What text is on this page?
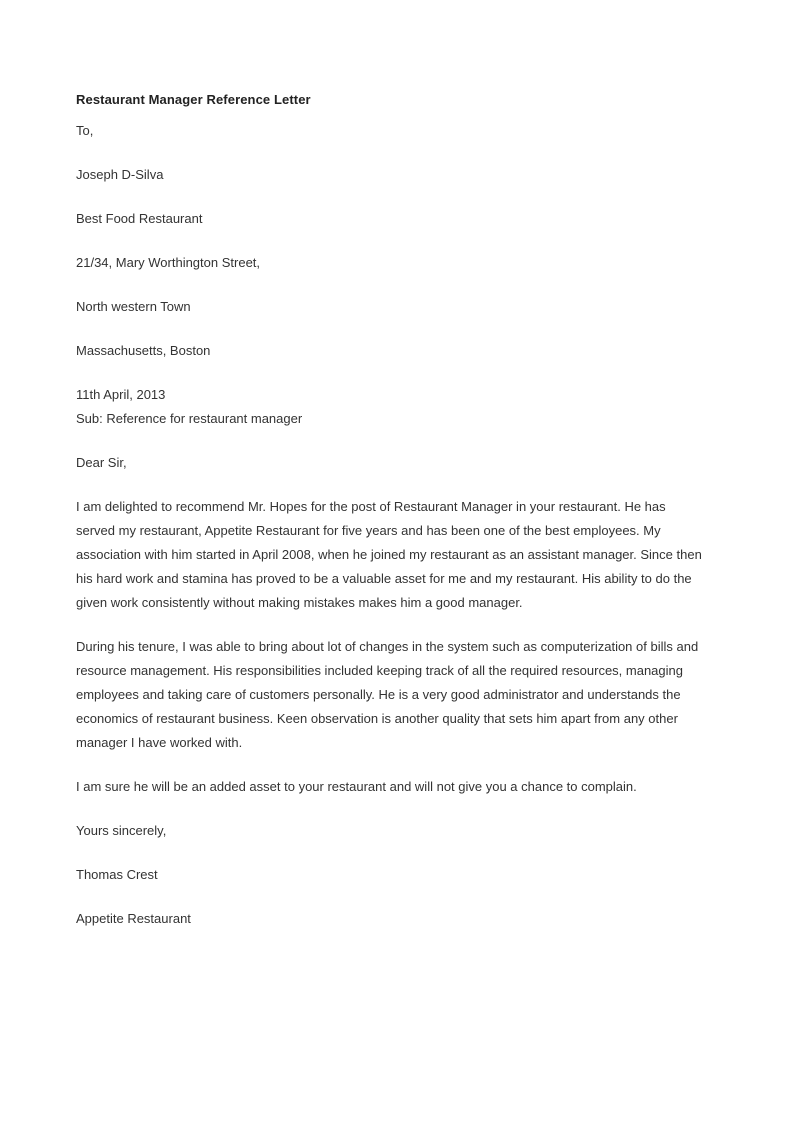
Restaurant Manager Reference Letter
To,
Joseph D-Silva
Best Food Restaurant
21/34, Mary Worthington Street,
North western Town
Massachusetts, Boston
11th April, 2013
Sub: Reference for restaurant manager
Dear Sir,
I am delighted to recommend Mr. Hopes for the post of Restaurant Manager in your restaurant. He has
served my restaurant, Appetite Restaurant for five years and has been one of the best employees. My
association with him started in April 2008, when he joined my restaurant as an assistant manager. Since then
his hard work and stamina has proved to be a valuable asset for me and my restaurant. His ability to do the
given work consistently without making mistakes makes him a good manager.
During his tenure, I was able to bring about lot of changes in the system such as computerization of bills and
resource management. His responsibilities included keeping track of all the required resources, managing
employees and taking care of customers personally. He is a very good administrator and understands the
economics of restaurant business. Keen observation is another quality that sets him apart from any other
manager I have worked with.
I am sure he will be an added asset to your restaurant and will not give you a chance to complain.
Yours sincerely,
Thomas Crest
Appetite Restaurant
